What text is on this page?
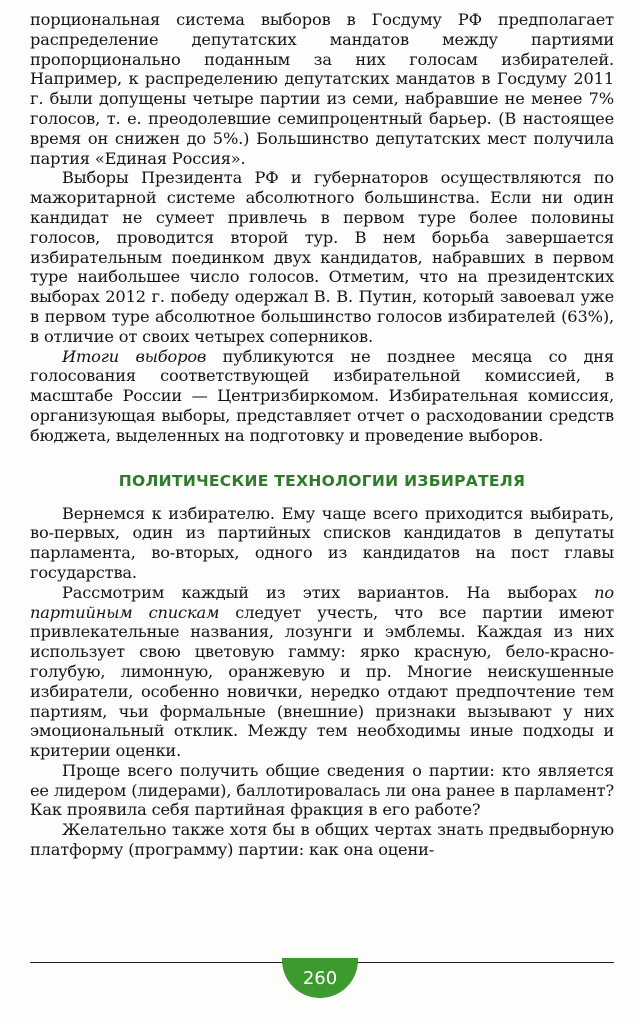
порциональная система выборов в Госдуму РФ предполагает распределение депутатских мандатов между партиями пропорционально поданным за них голосам избирателей. Например, к распределению депутатских мандатов в Госдуму 2011 г. были допущены четыре партии из семи, набравшие не менее 7% голосов, т. е. преодолевшие семипроцентный барьер. (В настоящее время он снижен до 5%.) Большинство депутатских мест получила партия «Единая Россия».

Выборы Президента РФ и губернаторов осуществляются по мажоритарной системе абсолютного большинства. Если ни один кандидат не сумеет привлечь в первом туре более половины голосов, проводится второй тур. В нем борьба завершается избирательным поединком двух кандидатов, набравших в первом туре наибольшее число голосов. Отметим, что на президентских выборах 2012 г. победу одержал В. В. Путин, который завоевал уже в первом туре абсолютное большинство голосов избирателей (63%), в отличие от своих четырех соперников.

Итоги выборов публикуются не позднее месяца со дня голосования соответствующей избирательной комиссией, в масштабе России — Центризбиркомом. Избирательная комиссия, организующая выборы, представляет отчет о расходовании средств бюджета, выделенных на подготовку и проведение выборов.

ПОЛИТИЧЕСКИЕ ТЕХНОЛОГИИ ИЗБИРАТЕЛЯ

Вернемся к избирателю. Ему чаще всего приходится выбирать, во-первых, один из партийных списков кандидатов в депутаты парламента, во-вторых, одного из кандидатов на пост главы государства.

Рассмотрим каждый из этих вариантов. На выборах по партийным спискам следует учесть, что все партии имеют привлекательные названия, лозунги и эмблемы. Каждая из них использует свою цветовую гамму: ярко красную, бело-красно-голубую, лимонную, оранжевую и пр. Многие неискушенные избиратели, особенно новички, нередко отдают предпочтение тем партиям, чьи формальные (внешние) признаки вызывают у них эмоциональный отклик. Между тем необходимы иные подходы и критерии оценки.

Проще всего получить общие сведения о партии: кто является ее лидером (лидерами), баллотировалась ли она ранее в парламент? Как проявила себя партийная фракция в его работе?

Желательно также хотя бы в общих чертах знать предвыборную платформу (программу) партии: как она оцени-

260
